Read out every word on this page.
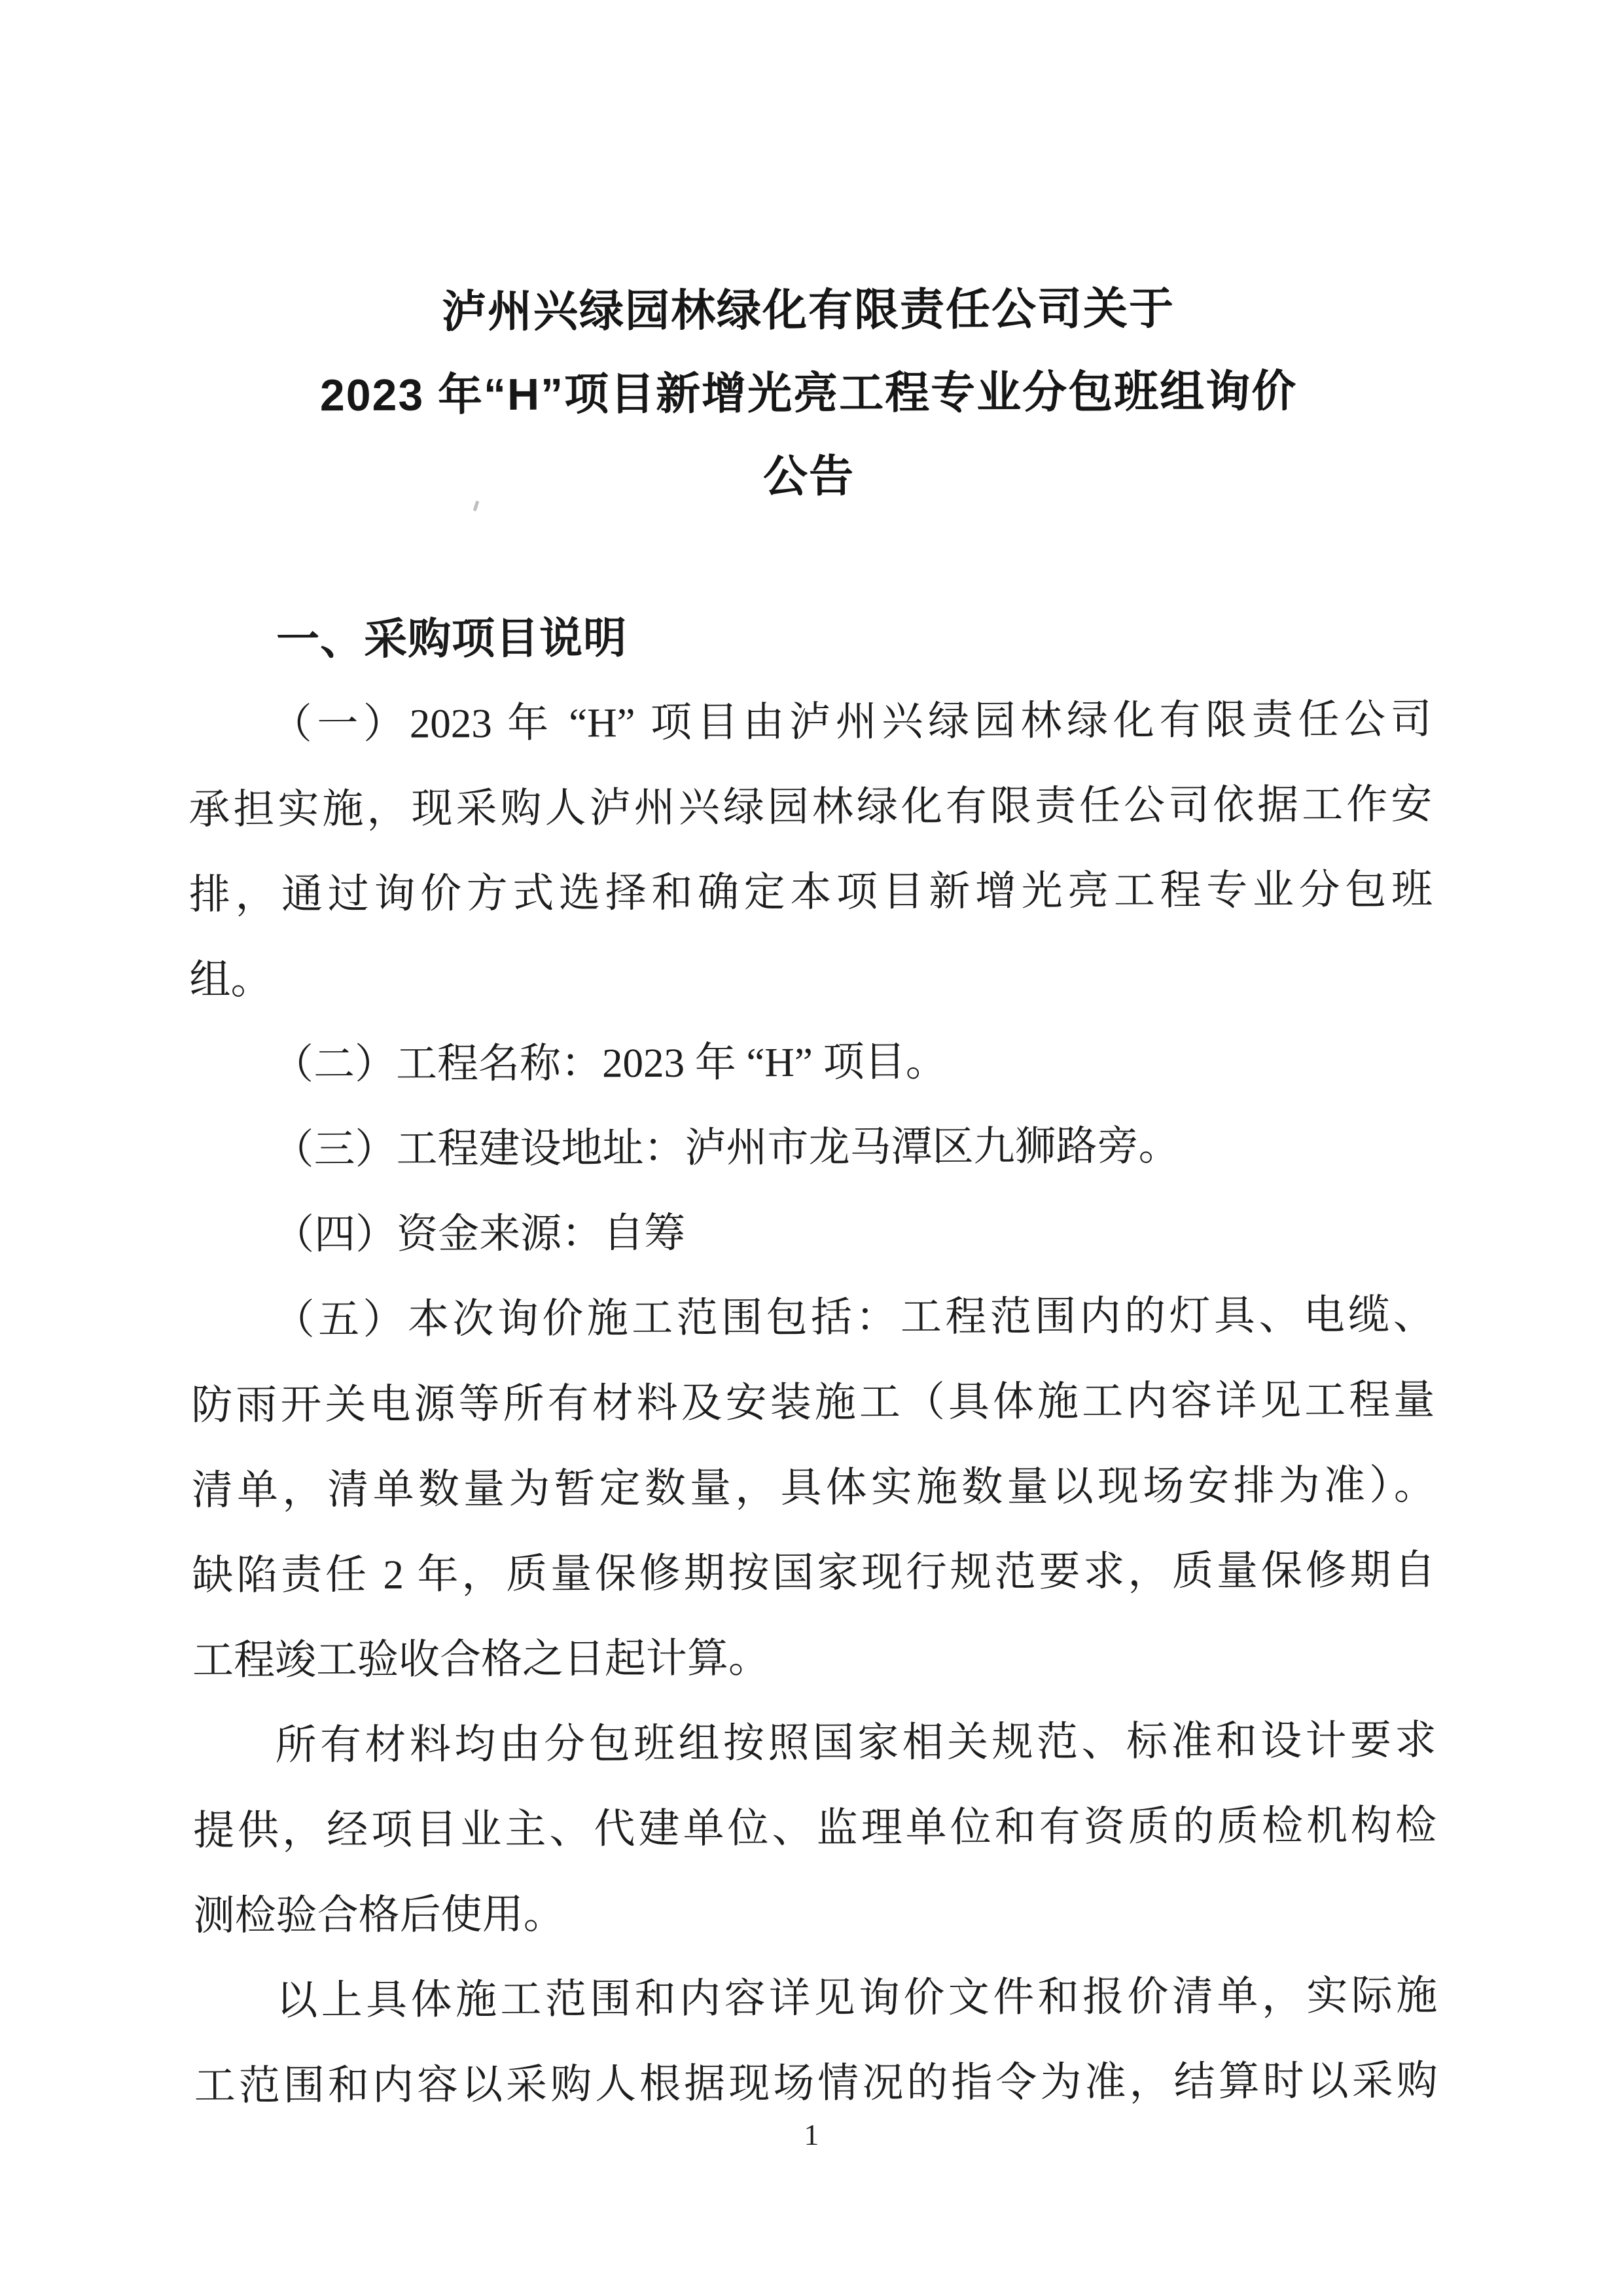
泸州兴绿园林绿化有限责任公司关于
2023 年“H”项目新增光亮工程专业分包班组询价
公告
一、采购项目说明
（一）2023 年 “H” 项目由泸州兴绿园林绿化有限责任公司
承担实施，现采购人泸州兴绿园林绿化有限责任公司依据工作安
排，通过询价方式选择和确定本项目新增光亮工程专业分包班
组。
（二）工程名称：2023 年 “H” 项目。
（三）工程建设地址：泸州市龙马潭区九狮路旁。
（四）资金来源：自筹
（五）本次询价施工范围包括：工程范围内的灯具、电缆、
防雨开关电源等所有材料及安装施工（具体施工内容详见工程量
清单，清单数量为暂定数量，具体实施数量以现场安排为准）。
缺陷责任 2 年，质量保修期按国家现行规范要求，质量保修期自
工程竣工验收合格之日起计算。
所有材料均由分包班组按照国家相关规范、标准和设计要求
提供，经项目业主、代建单位、监理单位和有资质的质检机构检
测检验合格后使用。
以上具体施工范围和内容详见询价文件和报价清单，实际施
工范围和内容以采购人根据现场情况的指令为准，结算时以采购
1
